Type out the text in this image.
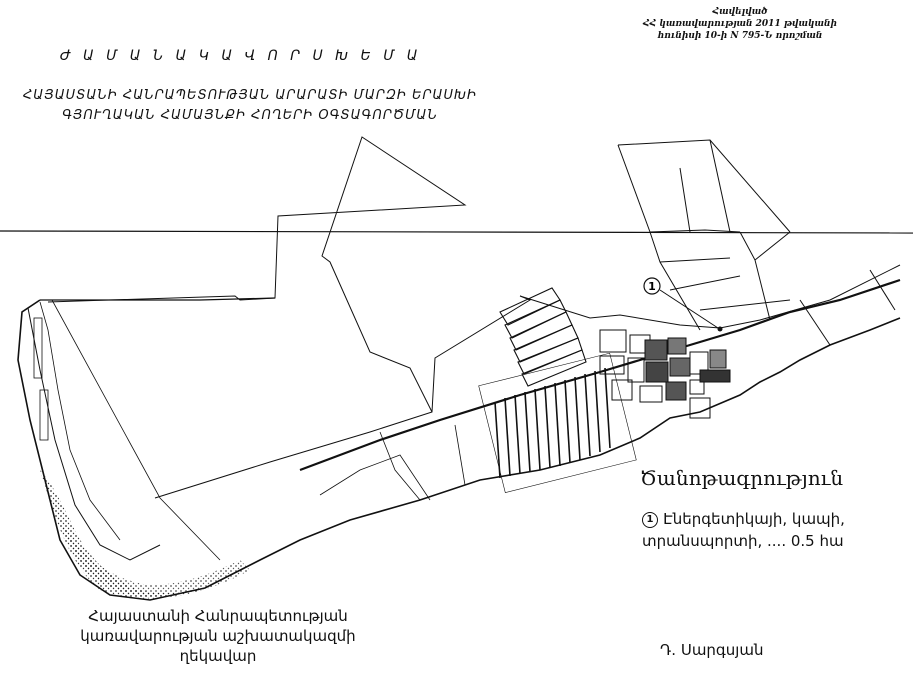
Հավելված
ՀՀ կառավարության 2011 թվականի
հունիսի 10-ի N 795-Ն որոշման
Ժ Ա Մ Ա Ն Ա Կ Ա Վ Ո Ր Ս Խ Ե Մ Ա
ՀԱՅԱՍՏԱՆԻ ՀԱՆՐԱՊԵՏՈՒԹՅԱՆ ԱՐԱՐԱՏԻ ՄԱՐԶԻ ԵՐԱՍԽԻ
ԳՅՈՒՂԱԿԱՆ ՀԱՄԱՅՆՔԻ ՀՈՂԵՐԻ ՕԳՏԱԳՈՐԾՄԱՆ
1
Ծանոթագրություն
1 Էներգետիկայի, կապի,
տրանսպորտի, .... 0.5 հա
Հայաստանի Հանրապետության
կառավարության աշխատակազմի
ղեկավար	Դ. Սարգսյան
